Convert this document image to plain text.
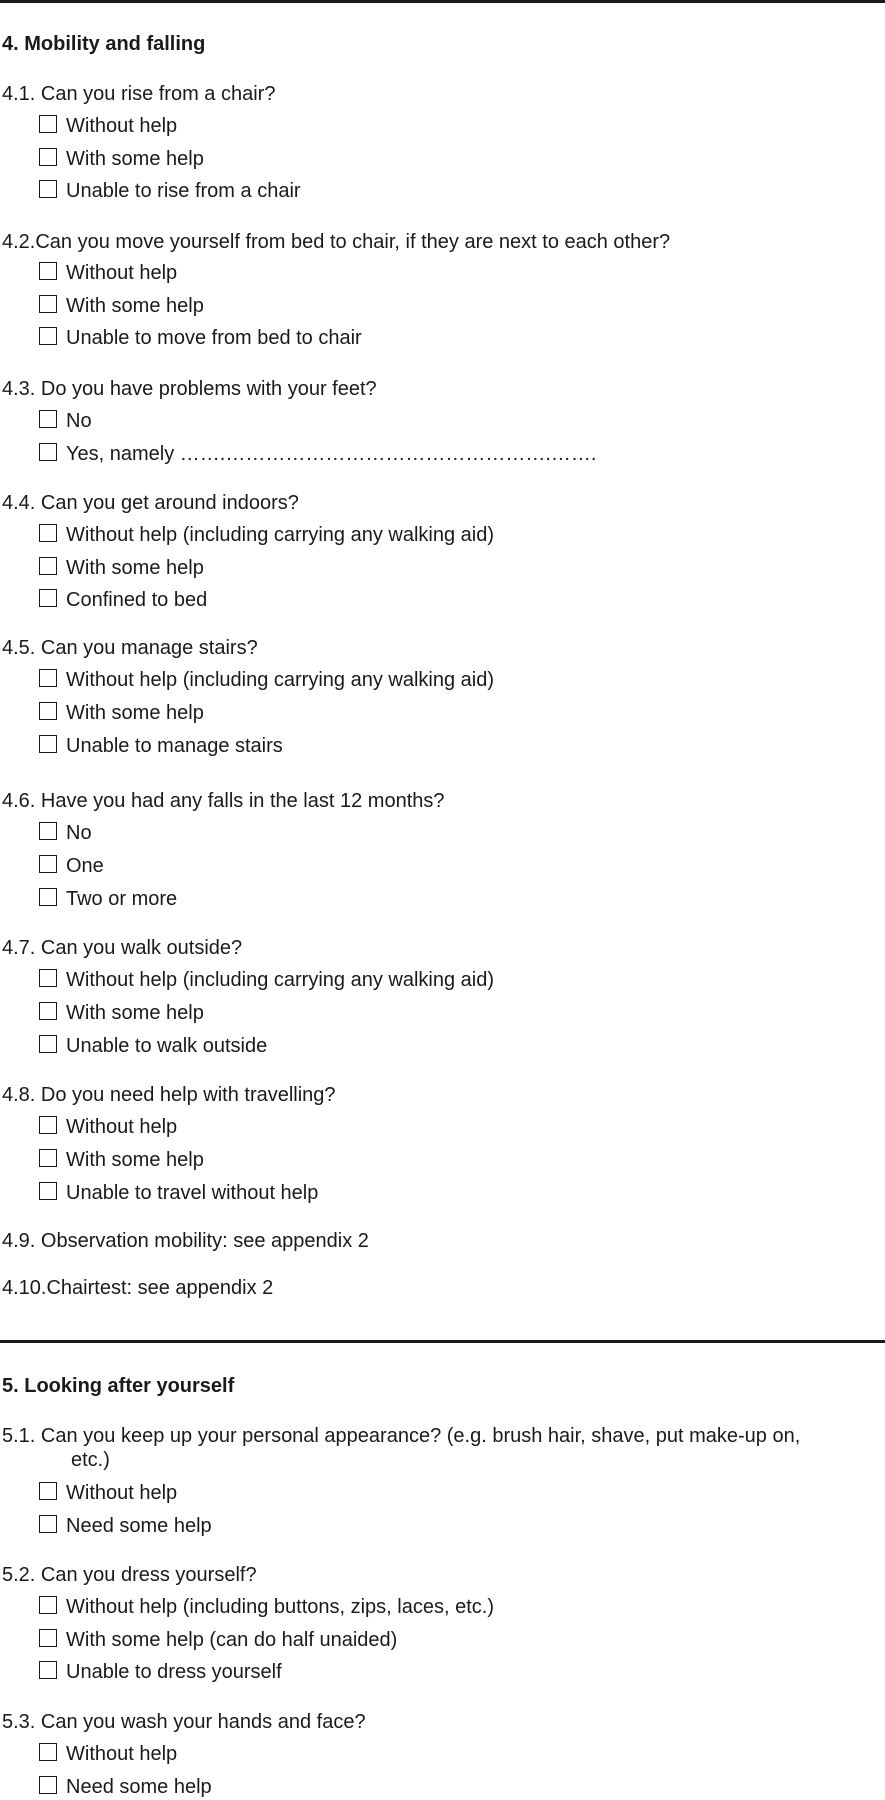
4. Mobility and falling
4.1. Can you rise from a chair?
Without help
With some help
Unable to rise from a chair
4.2.Can you move yourself from bed to chair, if they are next to each other?
Without help
With some help
Unable to move from bed to chair
4.3. Do you have problems with your feet?
No
Yes, namely …….………………………………………….…….
4.4. Can you get around indoors?
Without help (including carrying any walking aid)
With some help
Confined to bed
4.5. Can you manage stairs?
Without help (including carrying any walking aid)
With some help
Unable to manage stairs
4.6. Have you had any falls in the last 12 months?
No
One
Two or more
4.7. Can you walk outside?
Without help (including carrying any walking aid)
With some help
Unable to walk outside
4.8. Do you need help with travelling?
Without help
With some help
Unable to travel without help
4.9. Observation mobility: see appendix 2
4.10.Chairtest: see appendix 2
5. Looking after yourself
5.1. Can you keep up your personal appearance? (e.g. brush hair, shave, put make-up on,
etc.)
Without help
Need some help
5.2. Can you dress yourself?
Without help (including buttons, zips, laces, etc.)
With some help (can do half unaided)
Unable to dress yourself
5.3. Can you wash your hands and face?
Without help
Need some help
